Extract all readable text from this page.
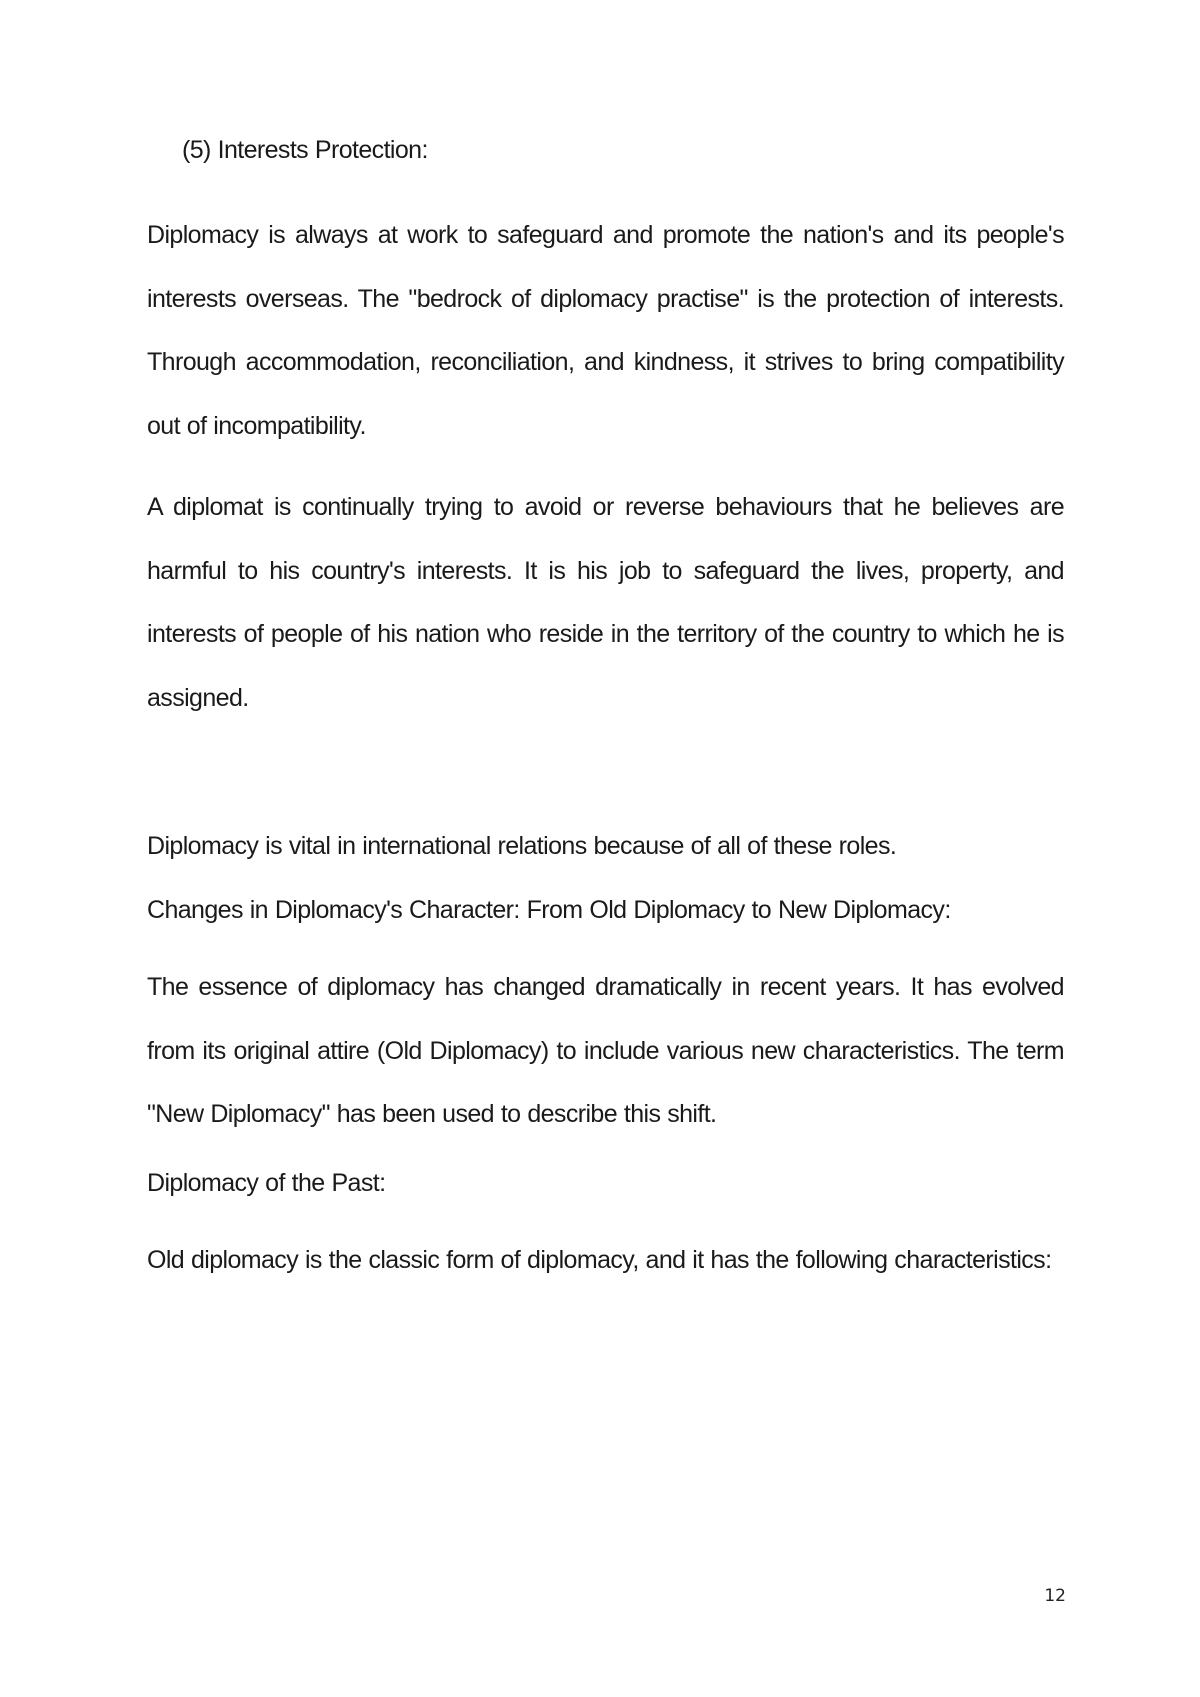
(5) Interests Protection:

Diplomacy is always at work to safeguard and promote the nation's and its people's interests overseas. The "bedrock of diplomacy practise" is the protection of interests. Through accommodation, reconciliation, and kindness, it strives to bring compatibility out of incompatibility.

A diplomat is continually trying to avoid or reverse behaviours that he believes are harmful to his country's interests. It is his job to safeguard the lives, property, and interests of people of his nation who reside in the territory of the country to which he is assigned.

Diplomacy is vital in international relations because of all of these roles.

Changes in Diplomacy's Character: From Old Diplomacy to New Diplomacy:

The essence of diplomacy has changed dramatically in recent years. It has evolved from its original attire (Old Diplomacy) to include various new characteristics. The term "New Diplomacy" has been used to describe this shift.

Diplomacy of the Past:

Old diplomacy is the classic form of diplomacy, and it has the following characteristics:

12
